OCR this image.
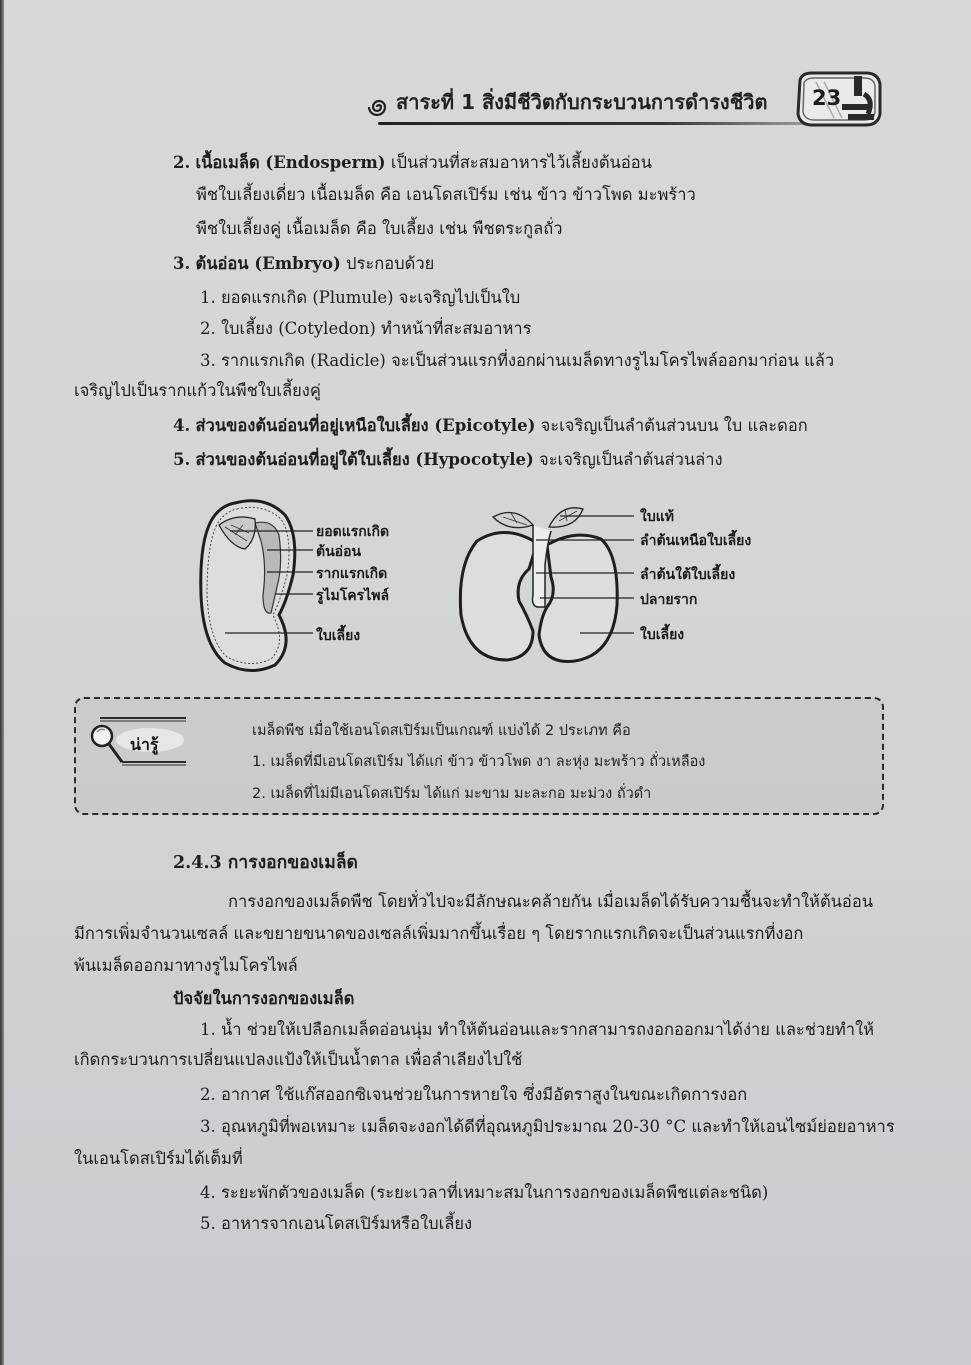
สาระที่ 1 สิ่งมีชีวิตกับกระบวนการดำรงชีวิต 23
2. เนื้อเมล็ด (Endosperm) เป็นส่วนที่สะสมอาหารไว้เลี้ยงต้นอ่อน
พืชใบเลี้ยงเดี่ยว เนื้อเมล็ด คือ เอนโดสเปิร์ม เช่น ข้าว ข้าวโพด มะพร้าว
พืชใบเลี้ยงคู่ เนื้อเมล็ด คือ ใบเลี้ยง เช่น พืชตระกูลถั่ว
3. ต้นอ่อน (Embryo) ประกอบด้วย
1. ยอดแรกเกิด (Plumule) จะเจริญไปเป็นใบ
2. ใบเลี้ยง (Cotyledon) ทำหน้าที่สะสมอาหาร
3. รากแรกเกิด (Radicle) จะเป็นส่วนแรกที่งอกผ่านเมล็ดทางรูไมโครไพล์ออกมาก่อน แล้ว
เจริญไปเป็นรากแก้วในพืชใบเลี้ยงคู่
4. ส่วนของต้นอ่อนที่อยู่เหนือใบเลี้ยง (Epicotyle) จะเจริญเป็นลำต้นส่วนบน ใบ และดอก
5. ส่วนของต้นอ่อนที่อยู่ใต้ใบเลี้ยง (Hypocotyle) จะเจริญเป็นลำต้นส่วนล่าง
ยอดแรกเกิด
ต้นอ่อน
รากแรกเกิด
รูไมโครไพล์
ใบเลี้ยง
ใบแท้
ลำต้นเหนือใบเลี้ยง
ลำต้นใต้ใบเลี้ยง
ปลายราก
ใบเลี้ยง
น่ารู้
เมล็ดพืช เมื่อใช้เอนโดสเปิร์มเป็นเกณฑ์ แบ่งได้ 2 ประเภท คือ
1. เมล็ดที่มีเอนโดสเปิร์ม ได้แก่ ข้าว ข้าวโพด งา ละหุ่ง มะพร้าว ถั่วเหลือง
2. เมล็ดที่ไม่มีเอนโดสเปิร์ม ได้แก่ มะขาม มะละกอ มะม่วง ถั่วดำ
2.4.3 การงอกของเมล็ด
การงอกของเมล็ดพืช โดยทั่วไปจะมีลักษณะคล้ายกัน เมื่อเมล็ดได้รับความชื้นจะทำให้ต้นอ่อน
มีการเพิ่มจำนวนเซลล์ และขยายขนาดของเซลล์เพิ่มมากขึ้นเรื่อย ๆ โดยรากแรกเกิดจะเป็นส่วนแรกที่งอก
พ้นเมล็ดออกมาทางรูไมโครไพล์
ปัจจัยในการงอกของเมล็ด
1. น้ำ ช่วยให้เปลือกเมล็ดอ่อนนุ่ม ทำให้ต้นอ่อนและรากสามารถงอกออกมาได้ง่าย และช่วยทำให้
เกิดกระบวนการเปลี่ยนแปลงแป้งให้เป็นน้ำตาล เพื่อลำเลียงไปใช้
2. อากาศ ใช้แก๊สออกซิเจนช่วยในการหายใจ ซึ่งมีอัตราสูงในขณะเกิดการงอก
3. อุณหภูมิที่พอเหมาะ เมล็ดจะงอกได้ดีที่อุณหภูมิประมาณ 20-30 °C และทำให้เอนไซม์ย่อยอาหาร
ในเอนโดสเปิร์มได้เต็มที่
4. ระยะพักตัวของเมล็ด (ระยะเวลาที่เหมาะสมในการงอกของเมล็ดพืชแต่ละชนิด)
5. อาหารจากเอนโดสเปิร์มหรือใบเลี้ยง
